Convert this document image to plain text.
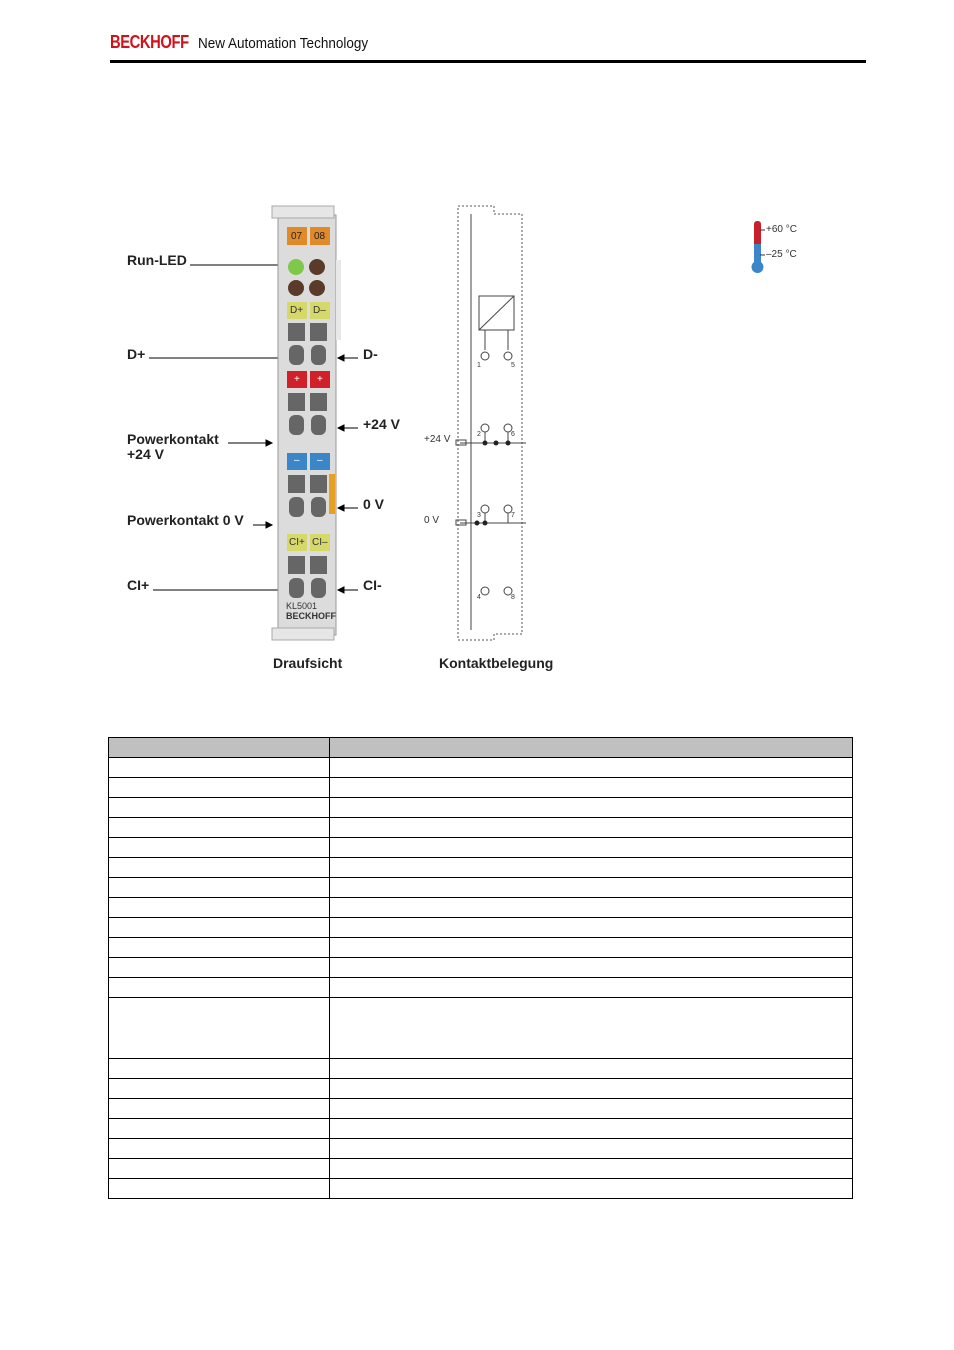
BECKHOFF New Automation Technology
Run-LED
D+
Powerkontakt
+24 V
Powerkontakt 0 V
CI+
D-
+24 V
0 V
CI-
07 08
D+ D–
+ +
– –
CI+ CI–
KL5001
BECKHOFF
+24 V
0 V
1	5
2	6
3	7
4	8
+60 °C
–25 °C
Draufsicht	Kontaktbelegung
